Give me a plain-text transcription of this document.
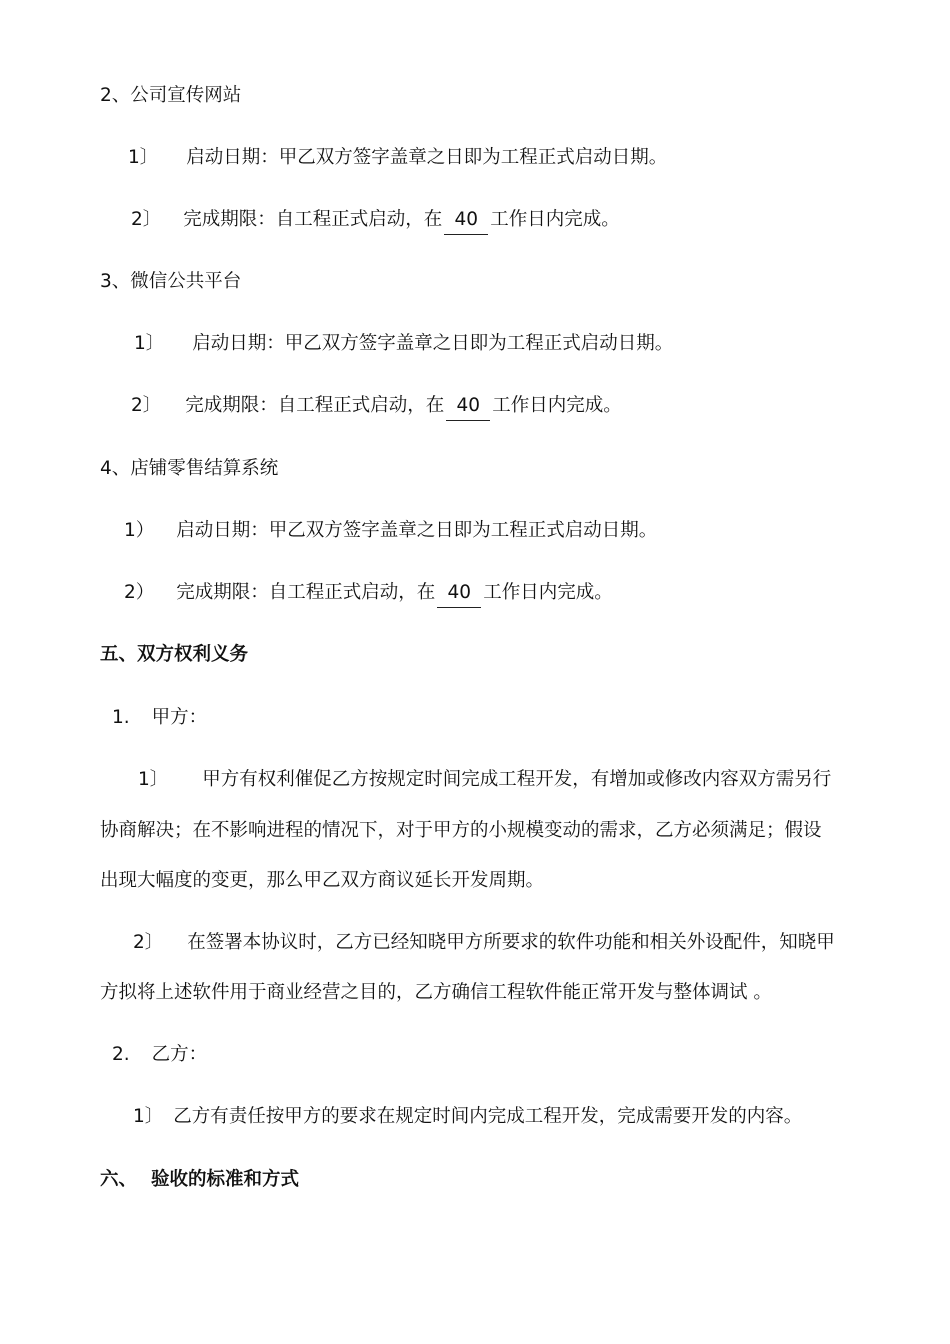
2、公司宣传网站
1〕 启动日期：甲乙双方签字盖章之日即为工程正式启动日期。
2〕 完成期限：自工程正式启动，在 40 工作日内完成。
3、微信公共平台
1〕 启动日期：甲乙双方签字盖章之日即为工程正式启动日期。
2〕 完成期限：自工程正式启动，在 40 工作日内完成。
4、店铺零售结算系统
1） 启动日期：甲乙双方签字盖章之日即为工程正式启动日期。
2） 完成期限：自工程正式启动，在 40 工作日内完成。
五、双方权利义务
1. 甲方：
1〕 甲方有权利催促乙方按规定时间完成工程开发，有增加或修改内容双方需另行
协商解决；在不影响进程的情况下，对于甲方的小规模变动的需求，乙方必须满足；假设
出现大幅度的变更，那么甲乙双方商议延长开发周期。
2〕 在签署本协议时，乙方已经知晓甲方所要求的软件功能和相关外设配件，知晓甲
方拟将上述软件用于商业经营之目的，乙方确信工程软件能正常开发与整体调试 。
2. 乙方：
1〕 乙方有责任按甲方的要求在规定时间内完成工程开发，完成需要开发的内容。
六、 验收的标准和方式
